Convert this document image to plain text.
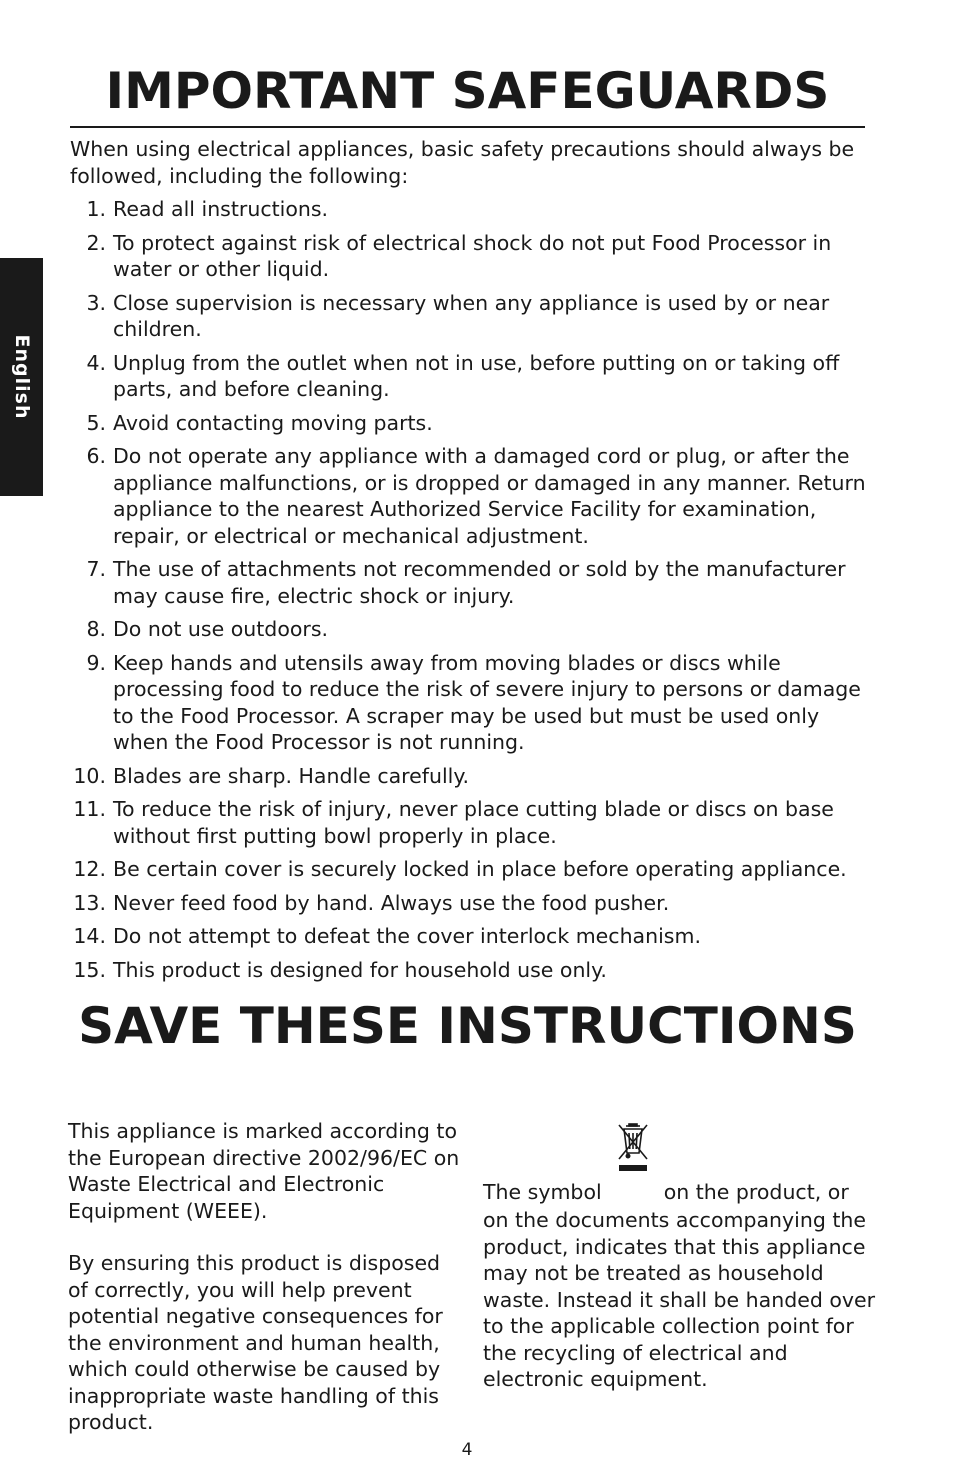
English
IMPORTANT SAFEGUARDS

When using electrical appliances, basic safety precautions should always be followed, including the following:

1. Read all instructions.
2. To protect against risk of electrical shock do not put Food Processor in water or other liquid.
3. Close supervision is necessary when any appliance is used by or near children.
4. Unplug from the outlet when not in use, before putting on or taking off parts, and before cleaning.
5. Avoid contacting moving parts.
6. Do not operate any appliance with a damaged cord or plug, or after the appliance malfunctions, or is dropped or damaged in any manner. Return appliance to the nearest Authorized Service Facility for examination, repair, or electrical or mechanical adjustment.
7. The use of attachments not recommended or sold by the manufacturer may cause fire, electric shock or injury.
8. Do not use outdoors.
9. Keep hands and utensils away from moving blades or discs while processing food to reduce the risk of severe injury to persons or damage to the Food Processor. A scraper may be used but must be used only when the Food Processor is not running.
10. Blades are sharp. Handle carefully.
11. To reduce the risk of injury, never place cutting blade or discs on base without first putting bowl properly in place.
12. Be certain cover is securely locked in place before operating appliance.
13. Never feed food by hand. Always use the food pusher.
14. Do not attempt to defeat the cover interlock mechanism.
15. This product is designed for household use only.
SAVE THESE INSTRUCTIONS

This appliance is marked according to the European directive 2002/96/EC on Waste Electrical and Electronic Equipment (WEEE).

By ensuring this product is disposed of correctly, you will help prevent potential negative consequences for the environment and human health, which could otherwise be caused by inappropriate waste handling of this product.

The symbol	on the product, or on the documents accompanying the product, indicates that this appliance may not be treated as household waste. Instead it shall be handed over to the applicable collection point for the recycling of electrical and electronic equipment.

4
